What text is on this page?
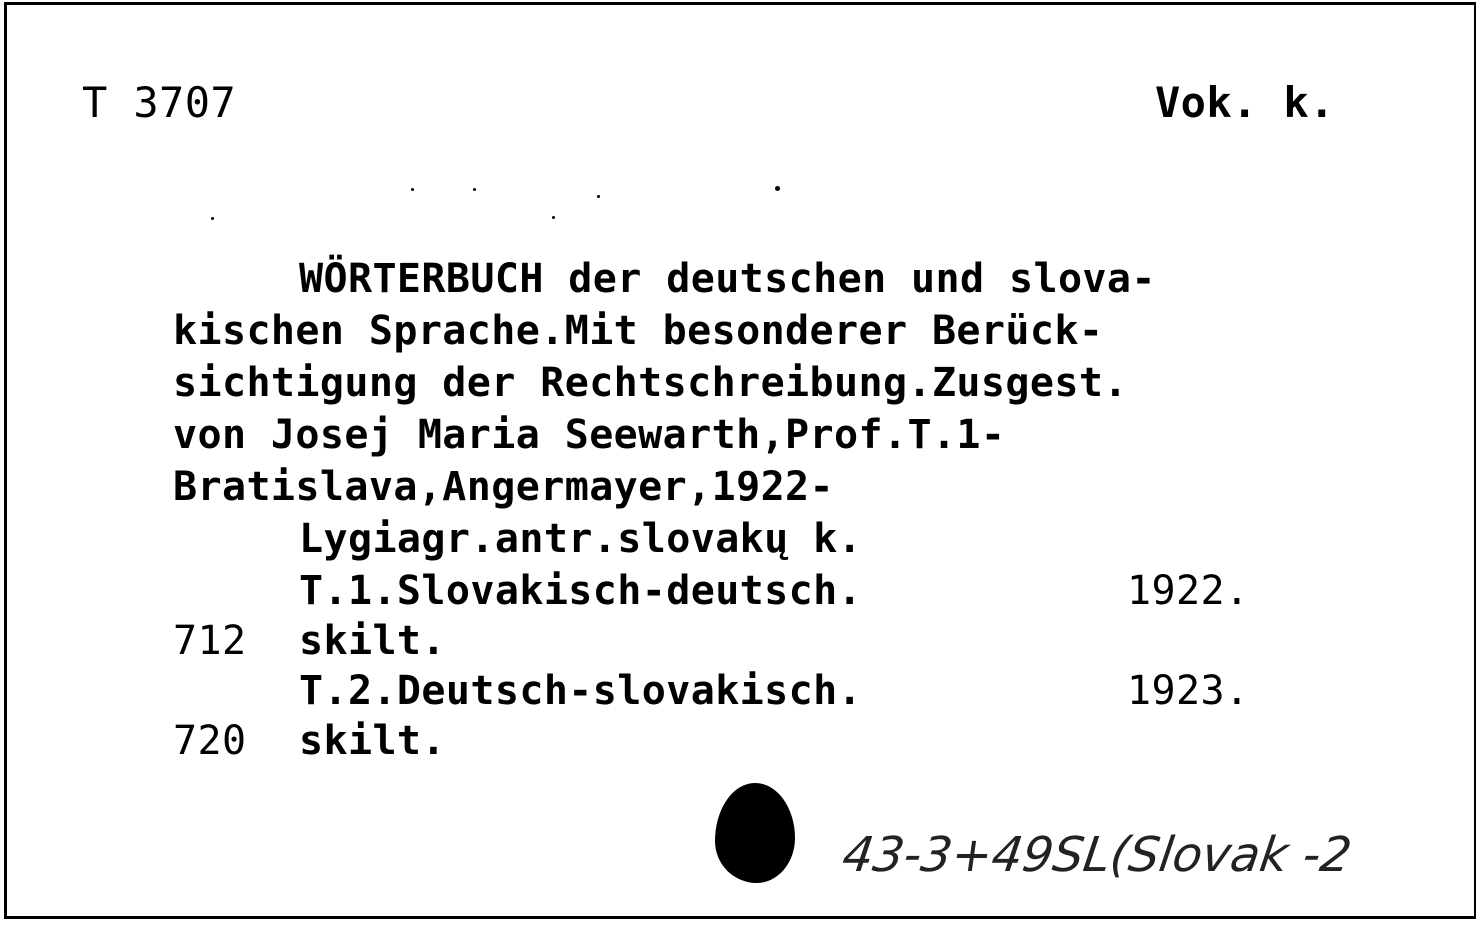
T 3707	Vok. k.
WÖRTERBUCH der deutschen und slova-
kischen Sprache.Mit besonderer Berück-
sichtigung der Rechtschreibung.Zusgest.
von Josej Maria Seewarth,Prof.T.1-
Bratislava,Angermayer,1922-
Lygiagr.antr.slovakų k.
T.1.Slovakisch-deutsch.	1922.
712 skilt.
T.2.Deutsch-slovakisch.	1923.
720 skilt.
43-3+49SL(Slovak -2
